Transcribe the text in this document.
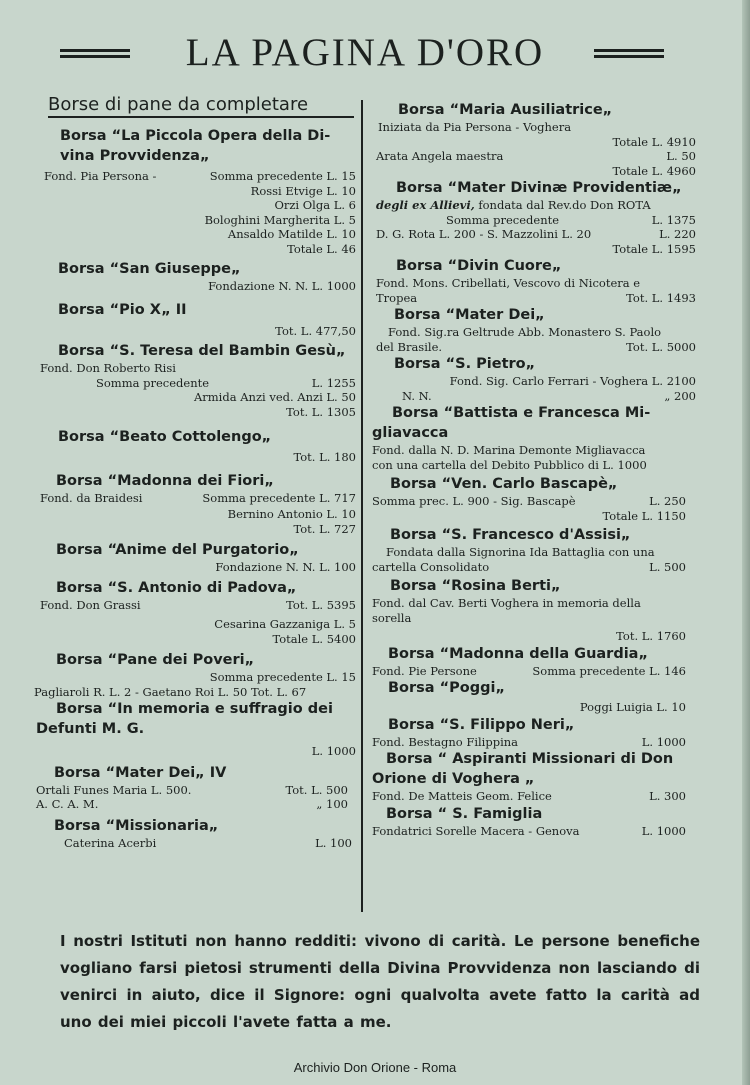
LA PAGINA D'ORO
Borse di pane da completare
Borsa “La Piccola Opera della Di-
vina Provvidenza„
Fond. Pia Persona -	Somma precedente L. 15
Rossi Etvige L. 10
Orzi Olga L. 6
Bologhini Margherita L. 5
Ansaldo Matilde L. 10
Totale L. 46
Borsa “San Giuseppe„
Fondazione N. N. L. 1000
Borsa “Pio X„ II
Tot. L. 477,50
Borsa “S. Teresa del Bambin Gesù„
Fond. Don Roberto Risi
Somma precedente	L. 1255
Armida Anzi ved. Anzi L. 50
Tot. L. 1305
Borsa “Beato Cottolengo„
Tot. L. 180
Borsa “Madonna dei Fiori„
Fond. da Braidesi	Somma precedente L. 717
Bernino Antonio L. 10
Tot. L. 727
Borsa “Anime del Purgatorio„
Fondazione N. N. L. 100
Borsa “S. Antonio di Padova„
Fond. Don Grassi	Tot. L. 5395
Cesarina Gazzaniga L. 5
Totale L. 5400
Borsa “Pane dei Poveri„
Somma precedente L. 15
Pagliaroli R. L. 2 - Gaetano Roi L. 50 Tot. L. 67
Borsa “In memoria e suffragio dei
Defunti M. G.
L. 1000
Borsa “Mater Dei„ IV
Ortali Funes Maria L. 500.	Tot. L. 500
A. C. A. M.	„ 100
Borsa “Missionaria„
Caterina Acerbi	L. 100
Borsa “Maria Ausiliatrice„
Iniziata da Pia Persona - Voghera
Totale L. 4910
Arata Angela maestra	L. 50
Totale L. 4960
Borsa “Mater Divinæ Providentiæ„
degli ex Allievi, fondata dal Rev.do Don ROTA
Somma precedente	L. 1375
D. G. Rota L. 200 - S. Mazzolini L. 20	L. 220
Totale L. 1595
Borsa “Divin Cuore„
Fond. Mons. Cribellati, Vescovo di Nicotera e
Tropea	Tot. L. 1493
Borsa “Mater Dei„
Fond. Sig.ra Geltrude Abb. Monastero S. Paolo
del Brasile.	Tot. L. 5000
Borsa “S. Pietro„
Fond. Sig. Carlo Ferrari - Voghera L. 2100
N. N.	„ 200
Borsa “Battista e Francesca Mi-
gliavacca
Fond. dalla N. D. Marina Demonte Migliavacca
con una cartella del Debito Pubblico di L. 1000
Borsa “Ven. Carlo Bascapè„
Somma prec. L. 900 - Sig. Bascapè	L. 250
Totale L. 1150
Borsa “S. Francesco d'Assisi„
Fondata dalla Signorina Ida Battaglia con una
cartella Consolidato	L. 500
Borsa “Rosina Berti„
Fond. dal Cav. Berti Voghera in memoria della
sorella
Tot. L. 1760
Borsa “Madonna della Guardia„
Fond. Pie Persone	Somma precedente L. 146
Borsa “Poggi„
Poggi Luigia L. 10
Borsa “S. Filippo Neri„
Fond. Bestagno Filippina	L. 1000
Borsa “ Aspiranti Missionari di Don
Orione di Voghera „
Fond. De Matteis Geom. Felice	L. 300
Borsa “ S. Famiglia
Fondatrici Sorelle Macera - Genova	L. 1000
I nostri Istituti non hanno redditi: vivono di carità. Le persone benefiche vogliano farsi pietosi strumenti della Divina Provvidenza non lasciando di venirci in aiuto, dice il Signore: ogni qualvolta avete fatto la carità ad uno dei miei piccoli l'avete fatta a me.
Archivio Don Orione - Roma
